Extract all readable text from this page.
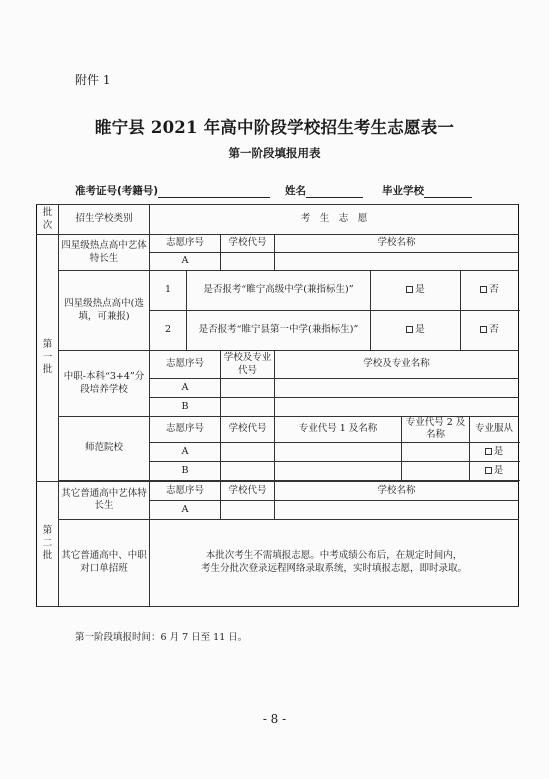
附件 1
睢宁县 2021 年高中阶段学校招生考生志愿表一
第一阶段填报用表
准考证号(考籍号)	姓名	毕业学校
批
次	招生学校类别	考　生　志　愿							
第
一
批	四星级热点高中艺体特长生	志愿序号		学校代号	学校名称				
		A							
	四星级热点高中(选填，可兼报)	1	是否报考“睢宁高级中学(兼指标生)”			是		否	
		2	是否报考“睢宁县第一中学(兼指标生)”			是		否	
	中职-本科“3+4”分段培养学校	志愿序号		学校及专业代号	学校及专业名称				
		A							
		B							
	师范院校	志愿序号		学校代号	专业代号 1 及名称		专业代号 2 及名称		专业服从
		A							是
		B							是

第
二
批	其它普通高中艺体特长生	志愿序号		学校代号	学校名称				
		A							
	其它普通高中、中职对口单招班	本批次考生不需填报志愿。中考成绩公布后，在规定时间内，
考生分批次登录远程网络录取系统，实时填报志愿，即时录取。							
第一阶段填报时间：6 月 7 日至 11 日。
- 8 -
